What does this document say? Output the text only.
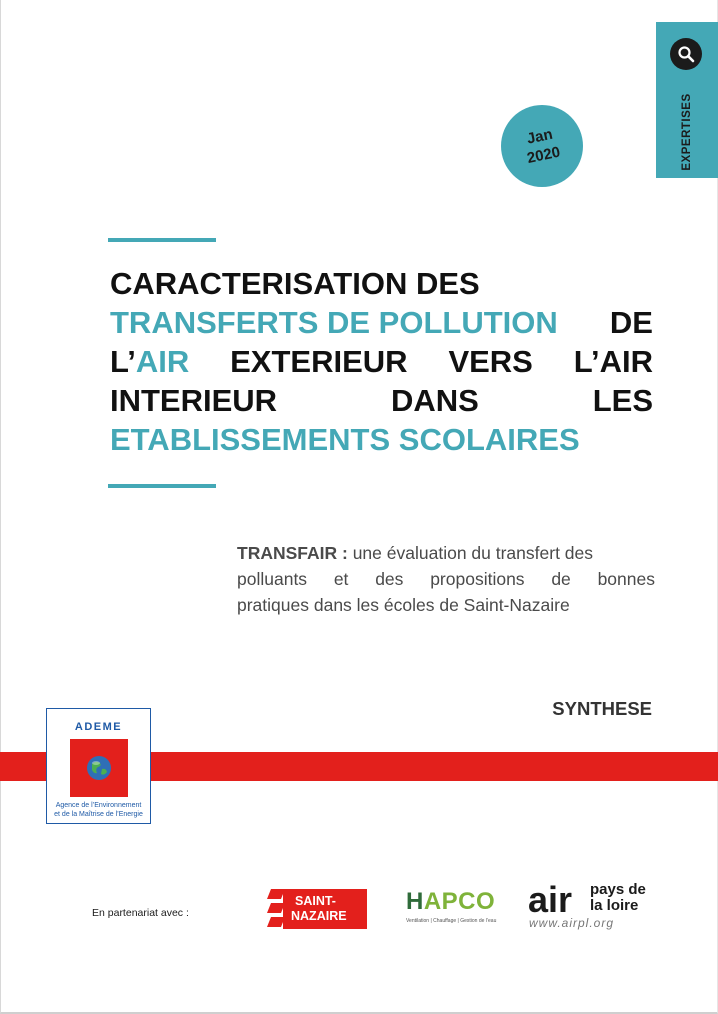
EXPERTISES
Jan
2020
CARACTERISATION DES
TRANSFERTS DE POLLUTION DE
L’AIR EXTERIEUR VERS L’AIR
INTERIEUR	DANS	LES
ETABLISSEMENTS SCOLAIRES
TRANSFAIR : une évaluation du transfert des
polluants et des propositions de bonnes
pratiques dans les écoles de Saint-Nazaire
SYNTHESE
ADEME
Agence de l’Environnement
et de la Maîtrise de l’Energie
En partenariat avec :
SAINT-
NAZAIRE
HAPCO
Ventilation | Chauffage | Gestion de l’eau
air pays de
la loire
www.airpl.org
